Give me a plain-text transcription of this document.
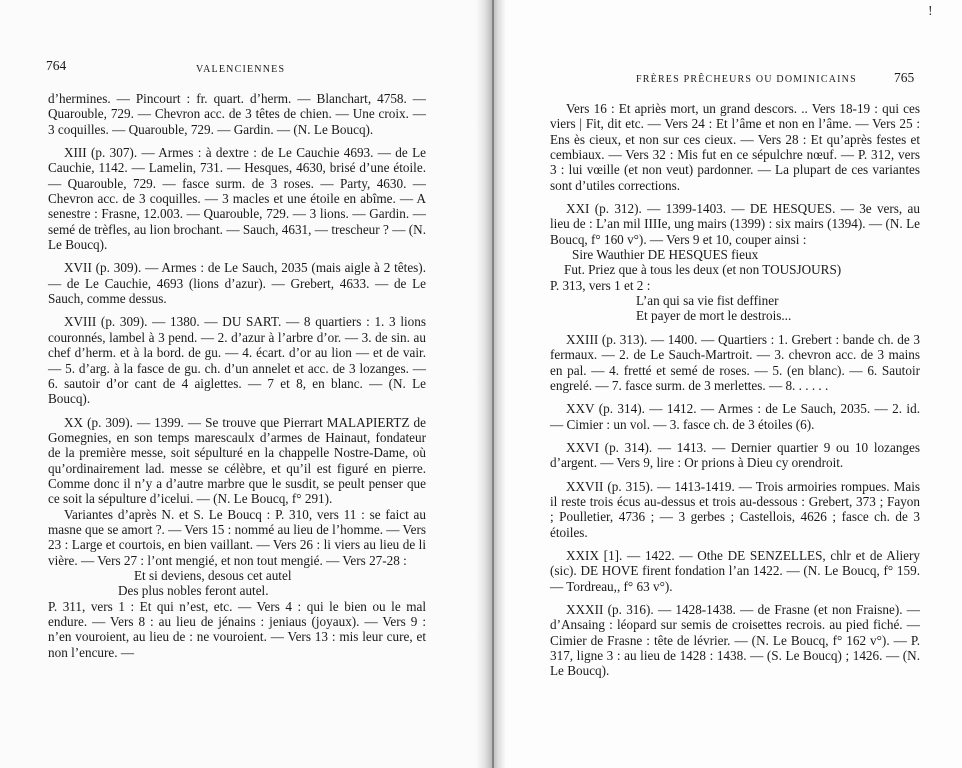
764	VALENCIENNES

d’hermines. — Pincourt : fr. quart. d’herm. — Blanchart, 4758. — Quarouble, 729. — Chevron acc. de 3 têtes de chien. — Une croix. — 3 coquilles. — Quarouble, 729. — Gardin. — (N. Le Boucq).

XIII (p. 307). — Armes : à dextre : de Le Cauchie 4693. — de Le Cauchie, 1142. — Lamelin, 731. — Hesques, 4630, brisé d’une étoile. — Quarouble, 729. — fasce surm. de 3 roses. — Party, 4630. — Chevron acc. de 3 coquilles. — 3 macles et une étoile en abîme. — A senestre : Frasne, 12.003. — Quarouble, 729. — 3 lions. — Gardin. — semé de trèfles, au lion brochant. — Sauch, 4631, — trescheur ? — (N. Le Boucq).

XVII (p. 309). — Armes : de Le Sauch, 2035 (mais aigle à 2 têtes). — de Le Cauchie, 4693 (lions d’azur). — Grebert, 4633. — de Le Sauch, comme dessus.

XVIII (p. 309). — 1380. — DU SART. — 8 quartiers : 1. 3 lions couronnés, lambel à 3 pend. — 2. d’azur à l’arbre d’or. — 3. de sin. au chef d’herm. et à la bord. de gu. — 4. écart. d’or au lion — et de vair. — 5. d’arg. à la fasce de gu. ch. d’un annelet et acc. de 3 lozanges. — 6. sautoir d’or cant de 4 aiglettes. — 7 et 8, en blanc. — (N. Le Boucq).

XX (p. 309). — 1399. — Se trouve que Pierrart MALAPIERTZ de Gomegnies, en son temps marescaulx d’armes de Hainaut, fondateur de la première messe, soit sépulturé en la chappelle Nostre-Dame, où qu’ordinairement lad. messe se célèbre, et qu’il est figuré en pierre. Comme donc il n’y a d’autre marbre que le susdit, se peult penser que ce soit la sépulture d’icelui. — (N. Le Boucq, f° 291).

Variantes d’après N. et S. Le Boucq : P. 310, vers 11 : se faict au masne que se amort ?. — Vers 15 : nommé au lieu de l’homme. — Vers 23 : Large et courtois, en bien vaillant. — Vers 26 : li viers au lieu de li vière. — Vers 27 : l’ont mengié, et non tout mengié. — Vers 27-28 :

Et si deviens, desous cet autel

Des plus nobles feront autel.

P. 311, vers 1 : Et qui n’est, etc. — Vers 4 : qui le bien ou le mal endure. — Vers 8 : au lieu de jénains : jeniaus (joyaux). — Vers 9 : n’en vouroient, au lieu de : ne vouroient. — Vers 13 : mis leur cure, et non l’encure. —

765
FRÈRES PRÊCHEURS OU DOMINICAINS

Vers 16 : Et apriès mort, un grand descors. .. Vers 18-19 : qui ces viers | Fit, dit etc. — Vers 24 : Et l’âme et non en l’âme. — Vers 25 : Ens ès cieux, et non sur ces cieux. — Vers 28 : Et qu’après festes et cembiaux. — Vers 32 : Mis fut en ce sépulchre nœuf. — P. 312, vers 3 : lui vœille (et non veut) pardonner. — La plupart de ces variantes sont d’utiles corrections.

XXI (p. 312). — 1399-1403. — DE HESQUES. — 3e vers, au lieu de : L’an mil IIIIe, ung mairs (1399) : six mairs (1394). — (N. Le Boucq, f° 160 v°). — Vers 9 et 10, couper ainsi :

Sire Wauthier DE HESQUES fieux

Fut. Priez que à tous les deux (et non TOUSJOURS)

P. 313, vers 1 et 2 :

L’an qui sa vie fist deffiner

Et payer de mort le destrois...

XXIII (p. 313). — 1400. — Quartiers : 1. Grebert : bande ch. de 3 fermaux. — 2. de Le Sauch-Martroit. — 3. chevron acc. de 3 mains en pal. — 4. fretté et semé de roses. — 5. (en blanc). — 6. Sautoir engrelé. — 7. fasce surm. de 3 merlettes. — 8. . . . . .

XXV (p. 314). — 1412. — Armes : de Le Sauch, 2035. — 2. id. — Cimier : un vol. — 3. fasce ch. de 3 étoiles (6).

XXVI (p. 314). — 1413. — Dernier quartier 9 ou 10 lozanges d’argent. — Vers 9, lire : Or prions à Dieu cy orendroit.

XXVII (p. 315). — 1413-1419. — Trois armoiries rompues. Mais il reste trois écus au-dessus et trois au-dessous : Grebert, 373 ; Fayon ; Poulletier, 4736 ; — 3 gerbes ; Castellois, 4626 ; fasce ch. de 3 étoiles.

XXIX [1]. — 1422. — Othe DE SENZELLES, chlr et de Aliery (sic). DE HOVE firent fondation l’an 1422. — (N. Le Boucq, f° 159. — Tordreau,, f° 63 v°).

XXXII (p. 316). — 1428-1438. — de Frasne (et non Fraisne). — d’Ansaing : léopard sur semis de croisettes recrois. au pied fiché. — Cimier de Frasne : tête de lévrier. — (N. Le Boucq, f° 162 v°). — P. 317, ligne 3 : au lieu de 1428 : 1438. — (S. Le Boucq) ; 1426. — (N. Le Boucq).

!
